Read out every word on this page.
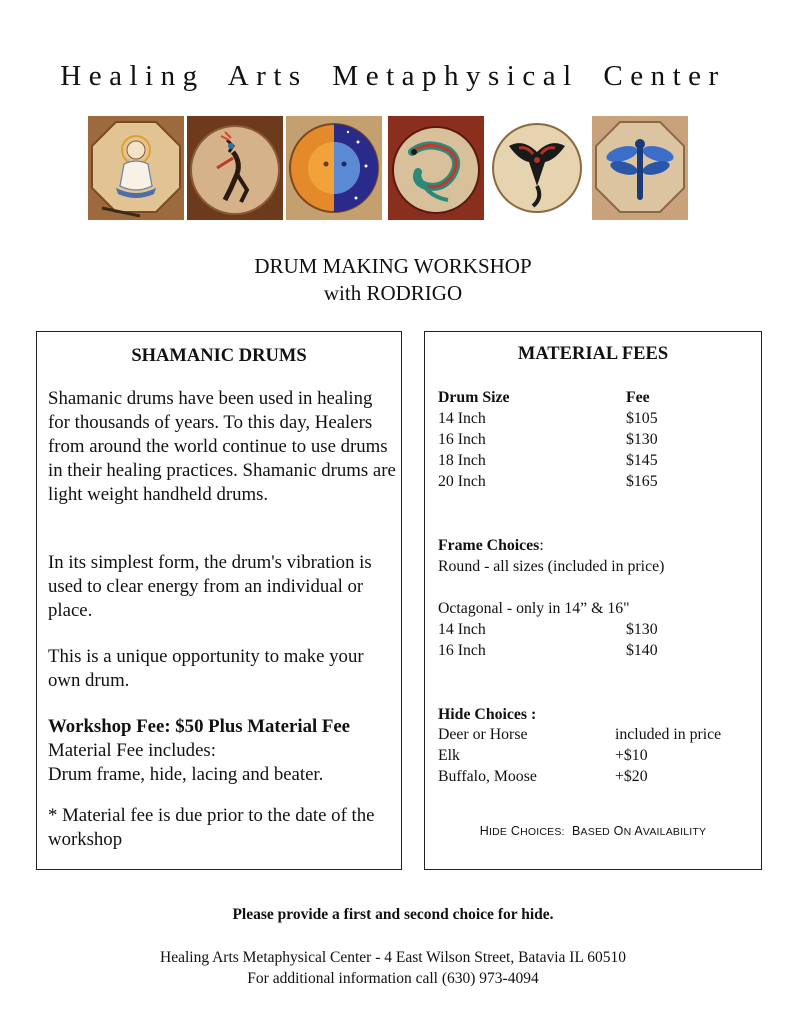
Healing Arts Metaphysical Center
DRUM MAKING WORKSHOP
with RODRIGO
SHAMANIC DRUMS
Shamanic drums have been used in healing for thousands of years. To this day, Healers from around the world continue to use drums in their healing practices. Shamanic drums are light weight handheld drums.
In its simplest form, the drum's vibration is used to clear energy from an individual or place.
This is a unique opportunity to make your own drum.
Workshop Fee: $50 Plus Material Fee
Material Fee includes:
Drum frame, hide, lacing and beater.
* Material fee is due prior to the date of the workshop
MATERIAL FEES
Drum Size	Fee
14 Inch	$105
16 Inch	$130
18 Inch	$145
20 Inch	$165
Frame Choices:
Round - all sizes (included in price)
Octagonal - only in 14” & 16"
14 Inch	$130
16 Inch	$140
Hide Choices :
Deer or Horse	included in price
Elk	+$10
Buffalo, Moose	+$20
HIDE CHOICES: BASED ON AVAILABILITY
Please provide a first and second choice for hide.
Healing Arts Metaphysical Center - 4 East Wilson Street, Batavia IL 60510
For additional information call (630) 973-4094
